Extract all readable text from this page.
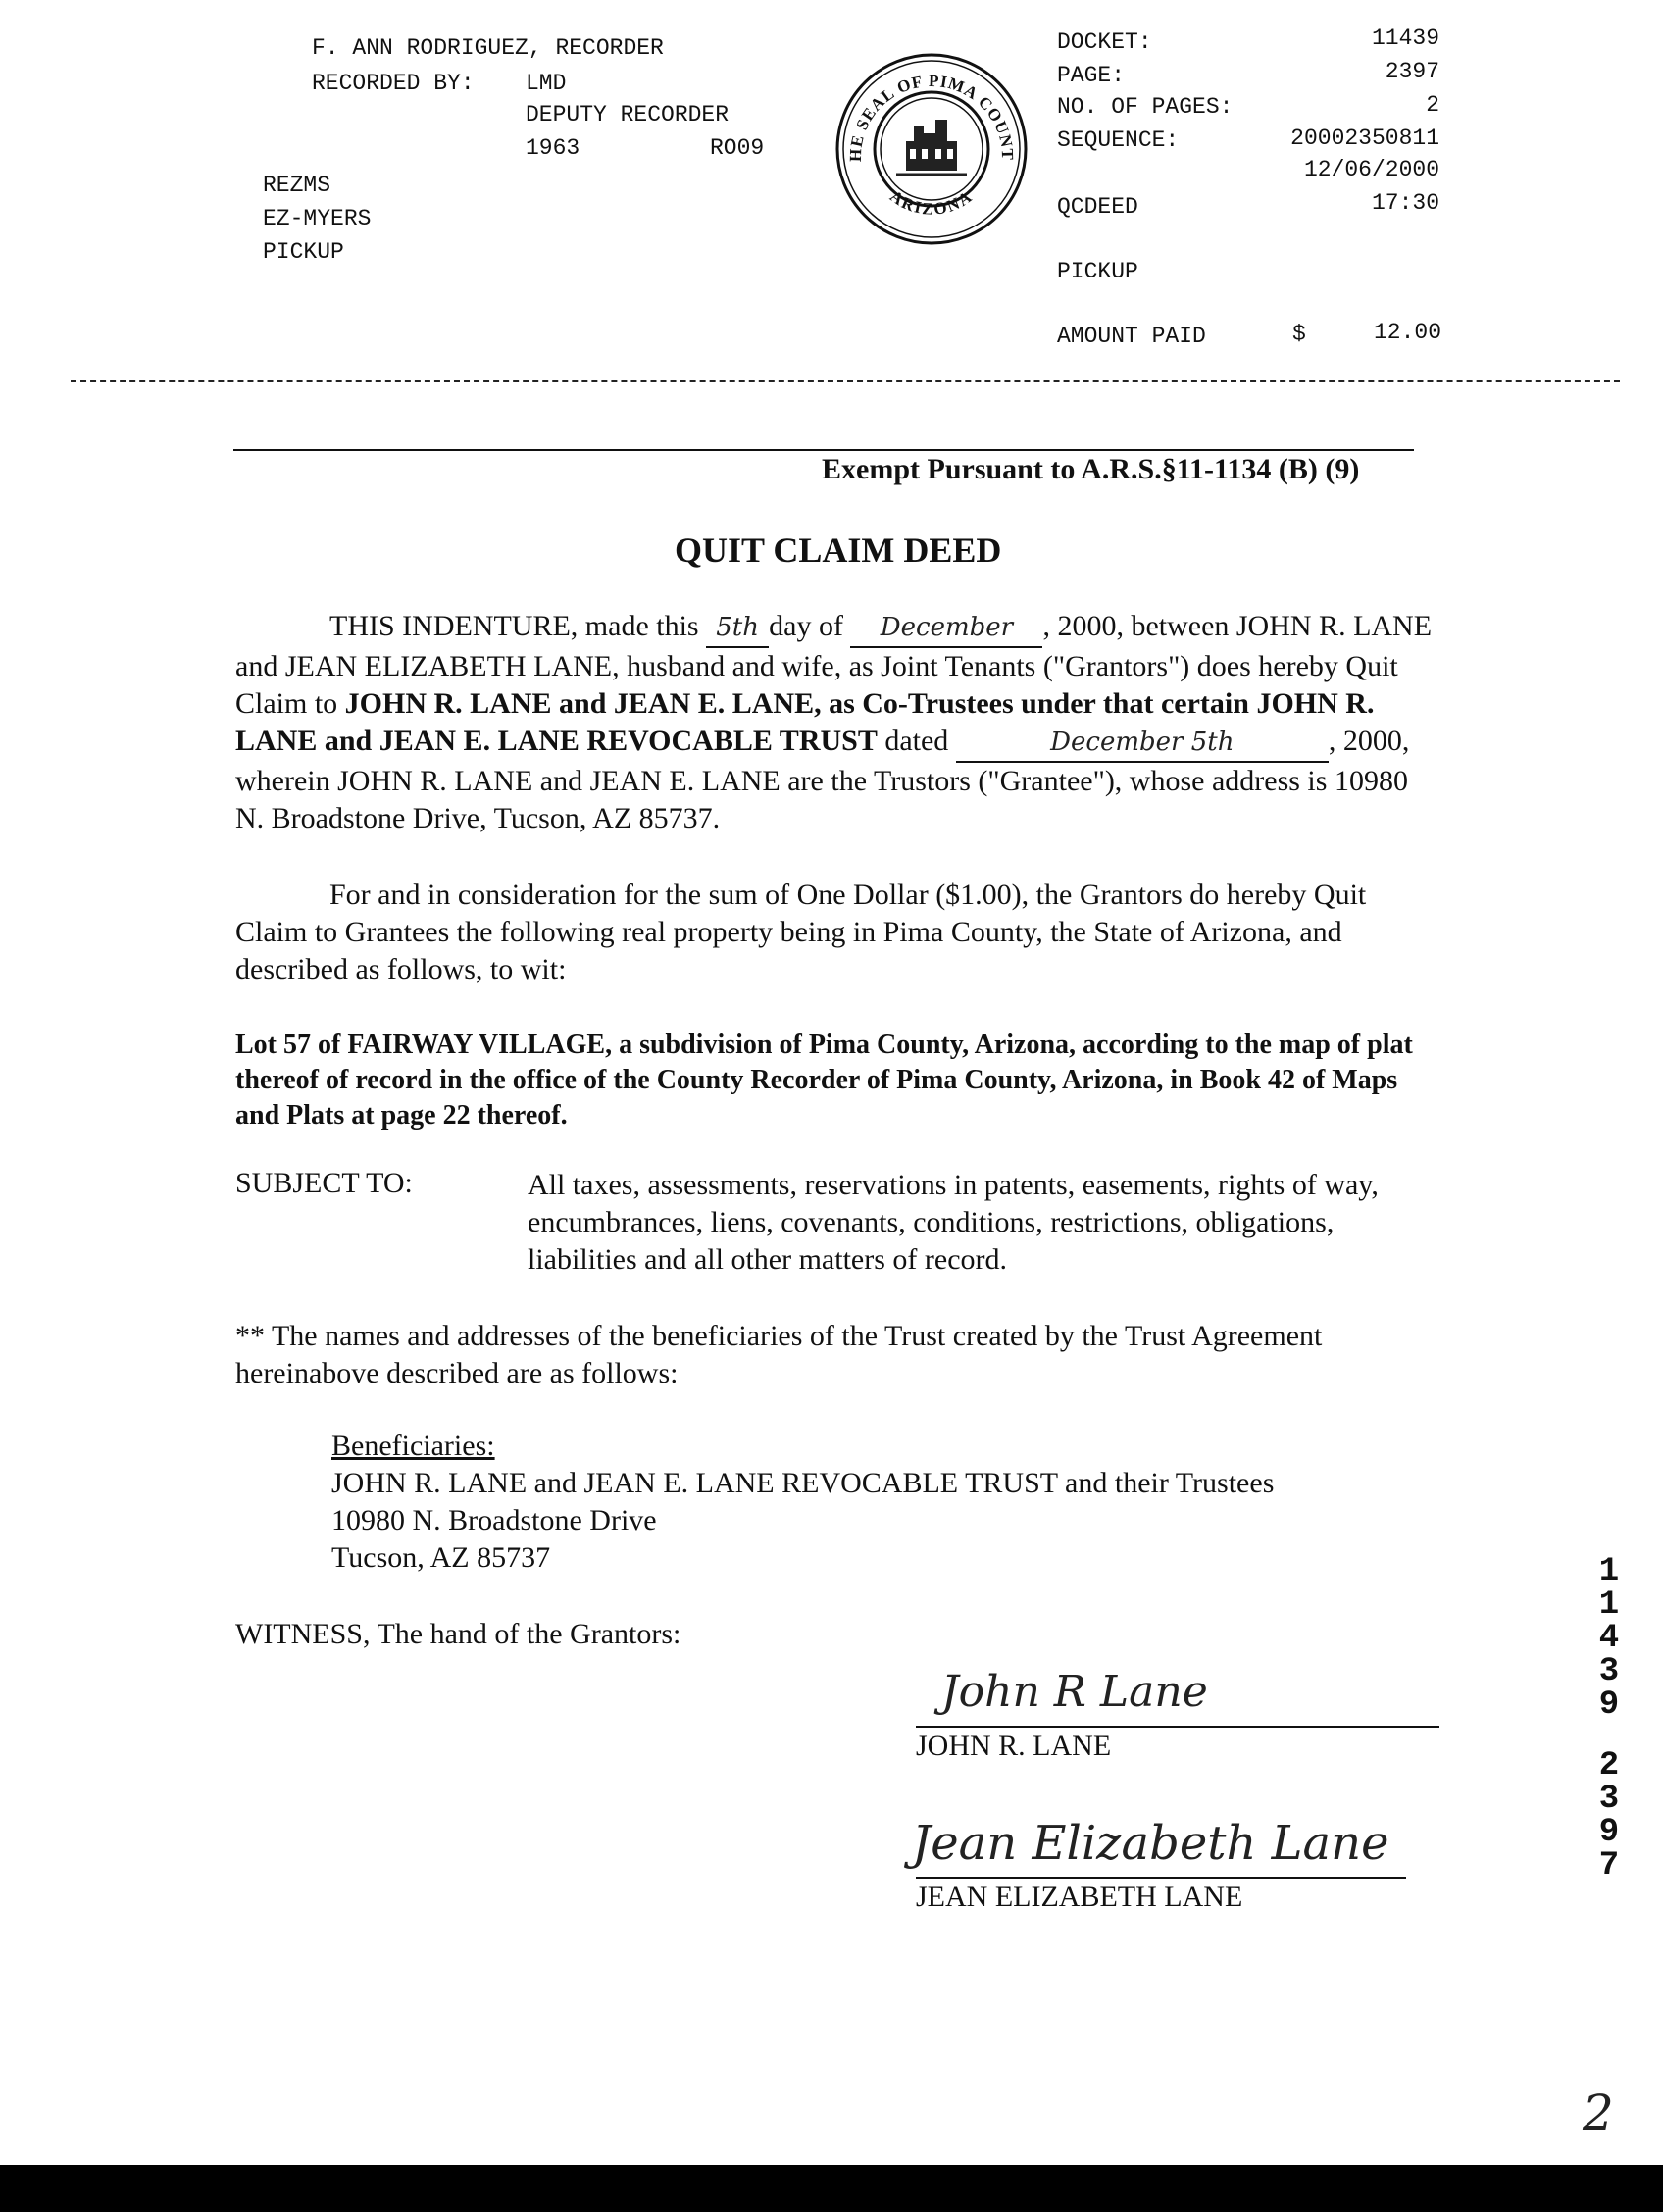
F. ANN RODRIGUEZ, RECORDER
RECORDED BY: LMD
DEPUTY RECORDER
1963	RO09
REZMS
EZ-MYERS
PICKUP
HE SEAL OF PIMA COUNT
ARIZONA
DOCKET:	11439
PAGE:	2397
NO. OF PAGES:	2
SEQUENCE:	20002350811
12/06/2000
QCDEED	17:30
PICKUP
AMOUNT PAID	$	12.00
Exempt Pursuant to A.R.S.§11-1134 (B) (9)
QUIT CLAIM DEED
THIS INDENTURE, made this 5th day of December , 2000, between JOHN R. LANE and JEAN ELIZABETH LANE, husband and wife, as Joint Tenants ("Grantors") does hereby Quit Claim to JOHN R. LANE and JEAN E. LANE, as Co-Trustees under that certain JOHN R. LANE and JEAN E. LANE REVOCABLE TRUST dated	December 5th	, 2000, wherein JOHN R. LANE and JEAN E. LANE are the Trustors ("Grantee"), whose address is 10980 N. Broadstone Drive, Tucson, AZ 85737.
For and in consideration for the sum of One Dollar ($1.00), the Grantors do hereby Quit Claim to Grantees the following real property being in Pima County, the State of Arizona, and described as follows, to wit:
Lot 57 of FAIRWAY VILLAGE, a subdivision of Pima County, Arizona, according to the map of plat thereof of record in the office of the County Recorder of Pima County, Arizona, in Book 42 of Maps and Plats at page 22 thereof.
SUBJECT TO:	All taxes, assessments, reservations in patents, easements, rights of way, encumbrances, liens, covenants, conditions, restrictions, obligations, liabilities and all other matters of record.
** The names and addresses of the beneficiaries of the Trust created by the Trust Agreement hereinabove described are as follows:
Beneficiaries:
JOHN R. LANE and JEAN E. LANE REVOCABLE TRUST and their Trustees
10980 N. Broadstone Drive
Tucson, AZ 85737
WITNESS, The hand of the Grantors:
John R Lane
JOHN R. LANE
Jean Elizabeth Lane
JEAN ELIZABETH LANE
1
1
4
3
9
2
3
9
7
2
